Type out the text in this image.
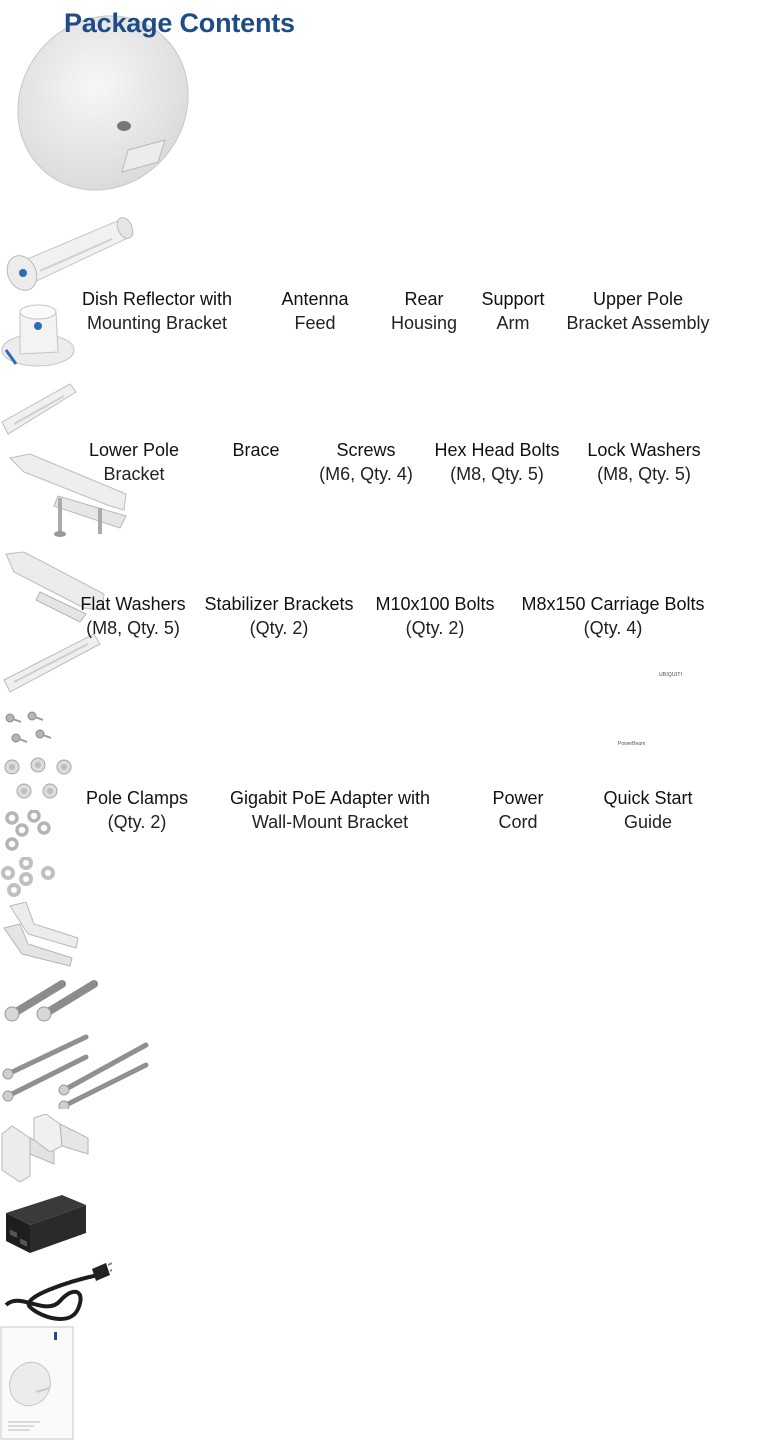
Package Contents
Dish Reflector with
Mounting Bracket
Antenna
Feed
Rear
Housing
Support
Arm
Upper Pole
Bracket Assembly
Lower Pole
Bracket
Brace	Screws
(M6, Qty. 4)
Hex Head Bolts
(M8, Qty. 5)
Lock Washers
(M8, Qty. 5)
Flat Washers
(M8, Qty. 5)
Stabilizer Brackets
(Qty. 2)
M10x100 Bolts
(Qty. 2)
M8x150 Carriage Bolts
(Qty. 4)
Pole Clamps
(Qty. 2)
Gigabit PoE Adapter with
Wall-Mount Bracket
Power
Cord
UBIQUITI
PowerBeam
Quick Start
Guide
